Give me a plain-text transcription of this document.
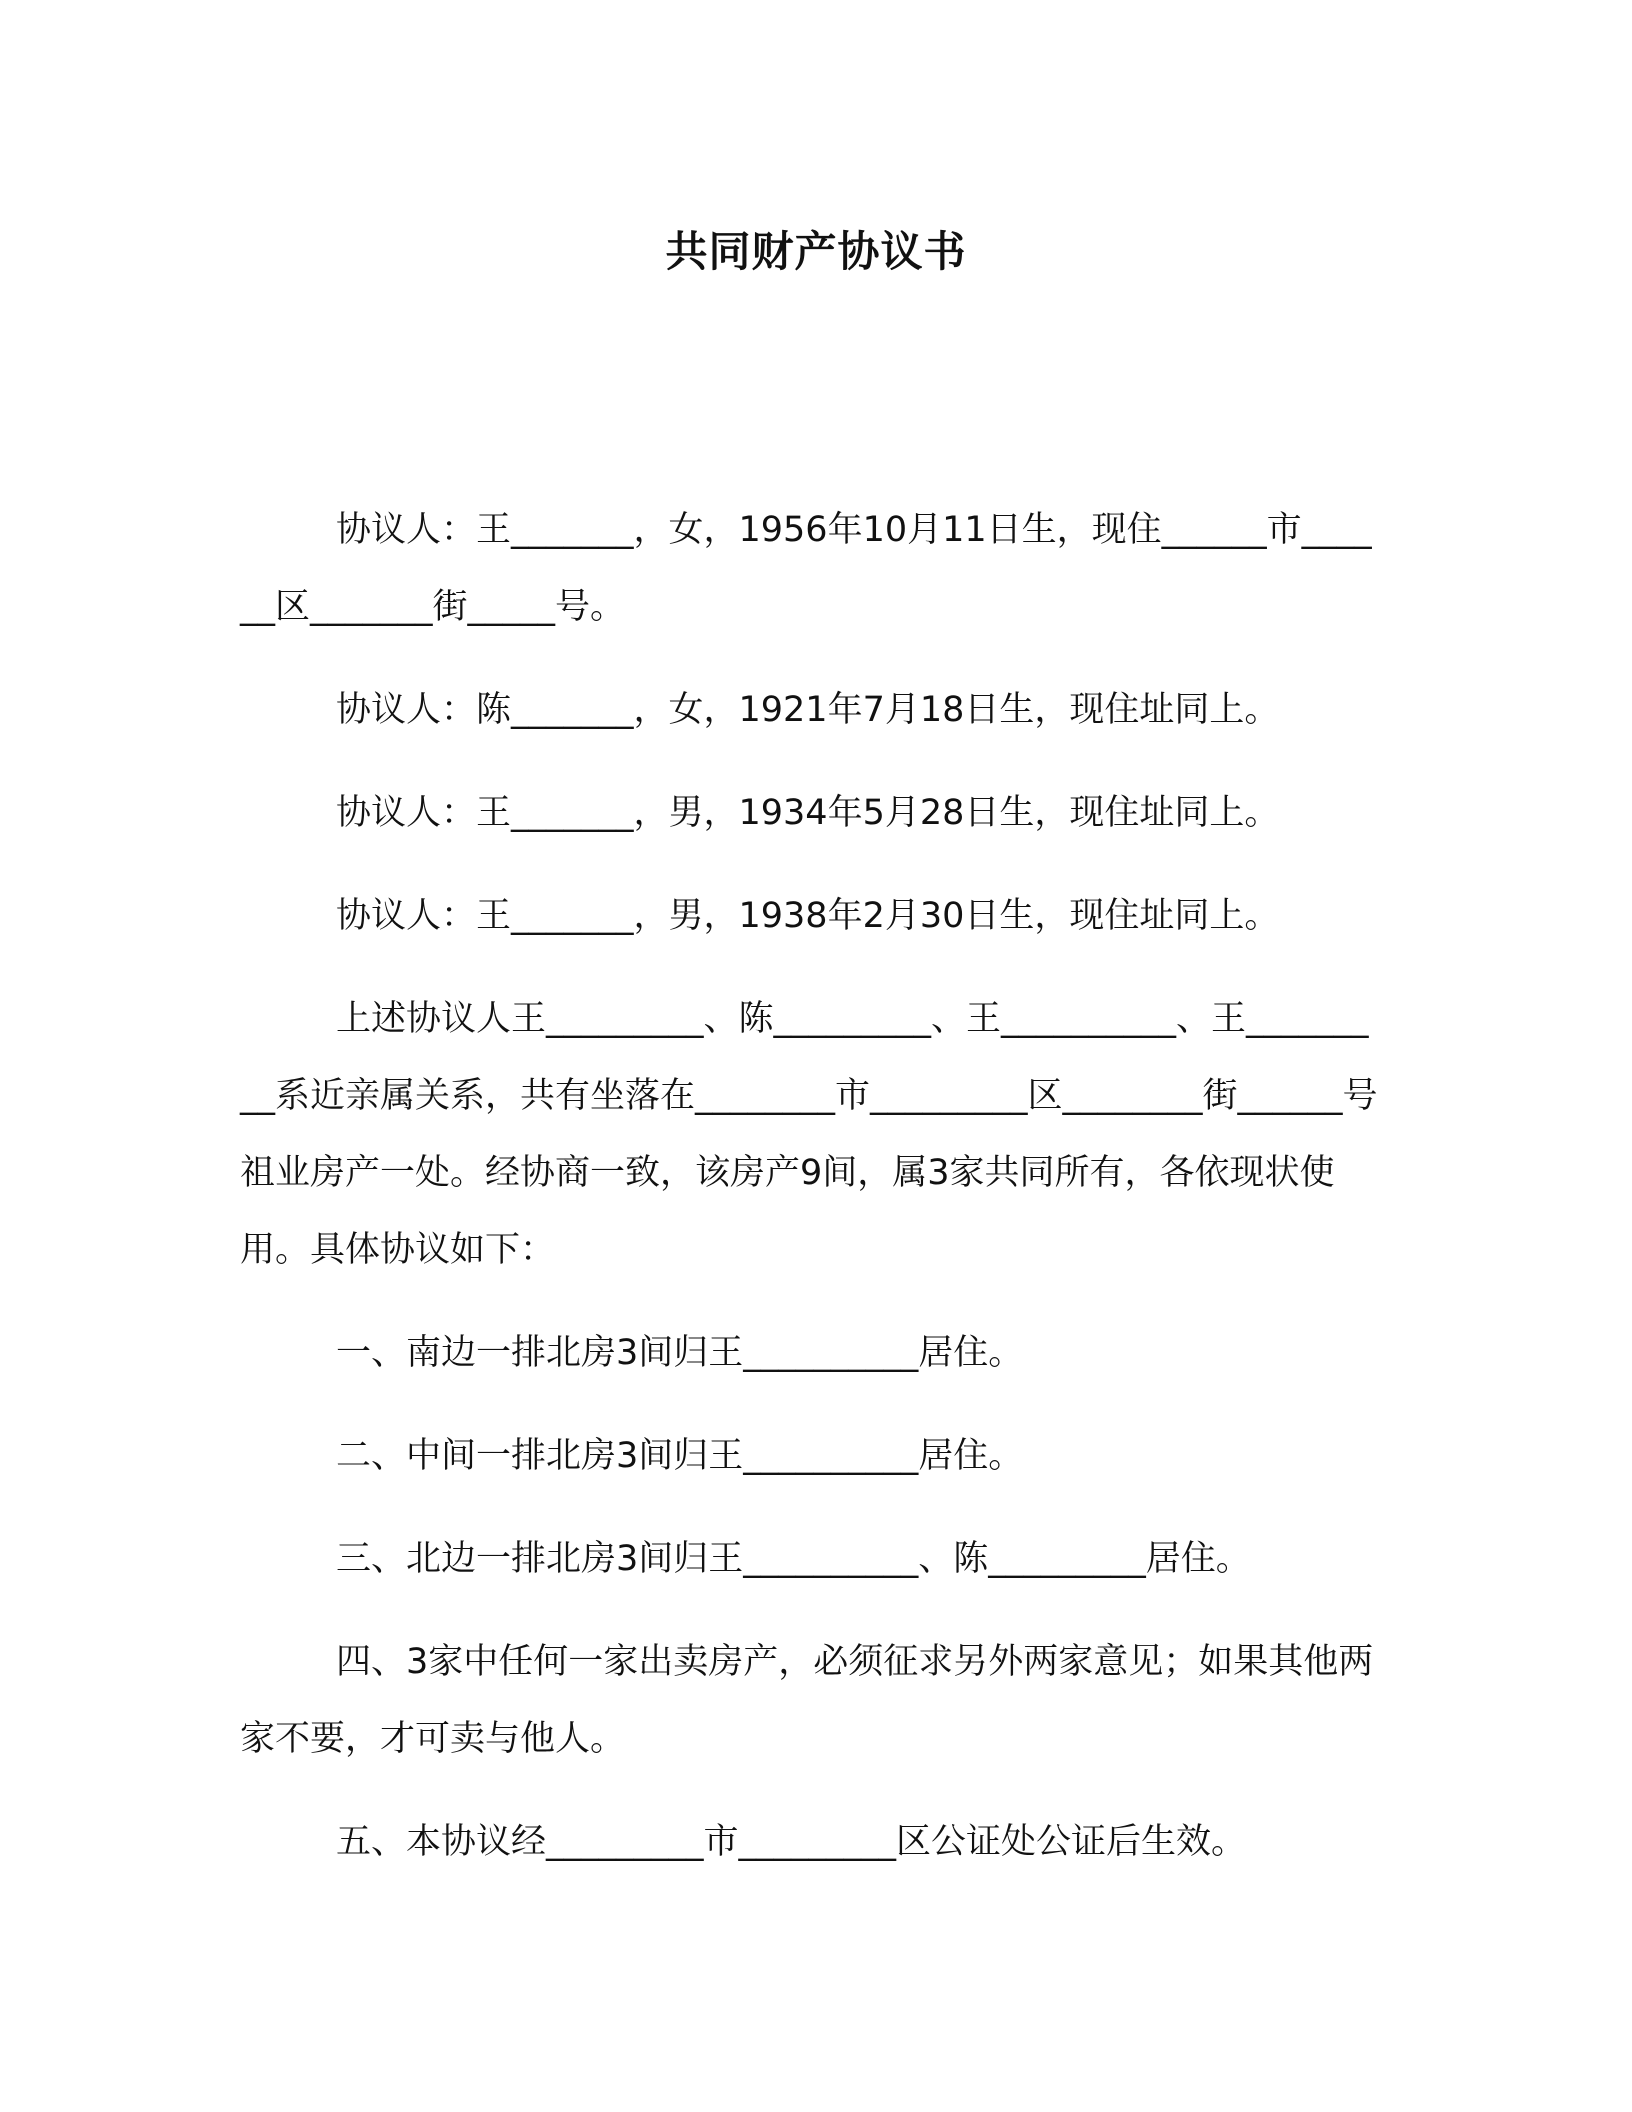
共同财产协议书

协议人：王_______，女，1956年10月11日生，现住______市______区_______街_____号。

协议人：陈_______，女，1921年7月18日生，现住址同上。

协议人：王_______，男，1934年5月28日生，现住址同上。

协议人：王_______，男，1938年2月30日生，现住址同上。

上述协议人王_________、陈_________、王__________、王_________系近亲属关系，共有坐落在________市_________区________街______号祖业房产一处。经协商一致，该房产9间，属3家共同所有，各依现状使用。具体协议如下：

一、南边一排北房3间归王__________居住。

二、中间一排北房3间归王__________居住。

三、北边一排北房3间归王__________、陈_________居住。

四、3家中任何一家出卖房产，必须征求另外两家意见；如果其他两家不要，才可卖与他人。

五、本协议经_________市_________区公证处公证后生效。
